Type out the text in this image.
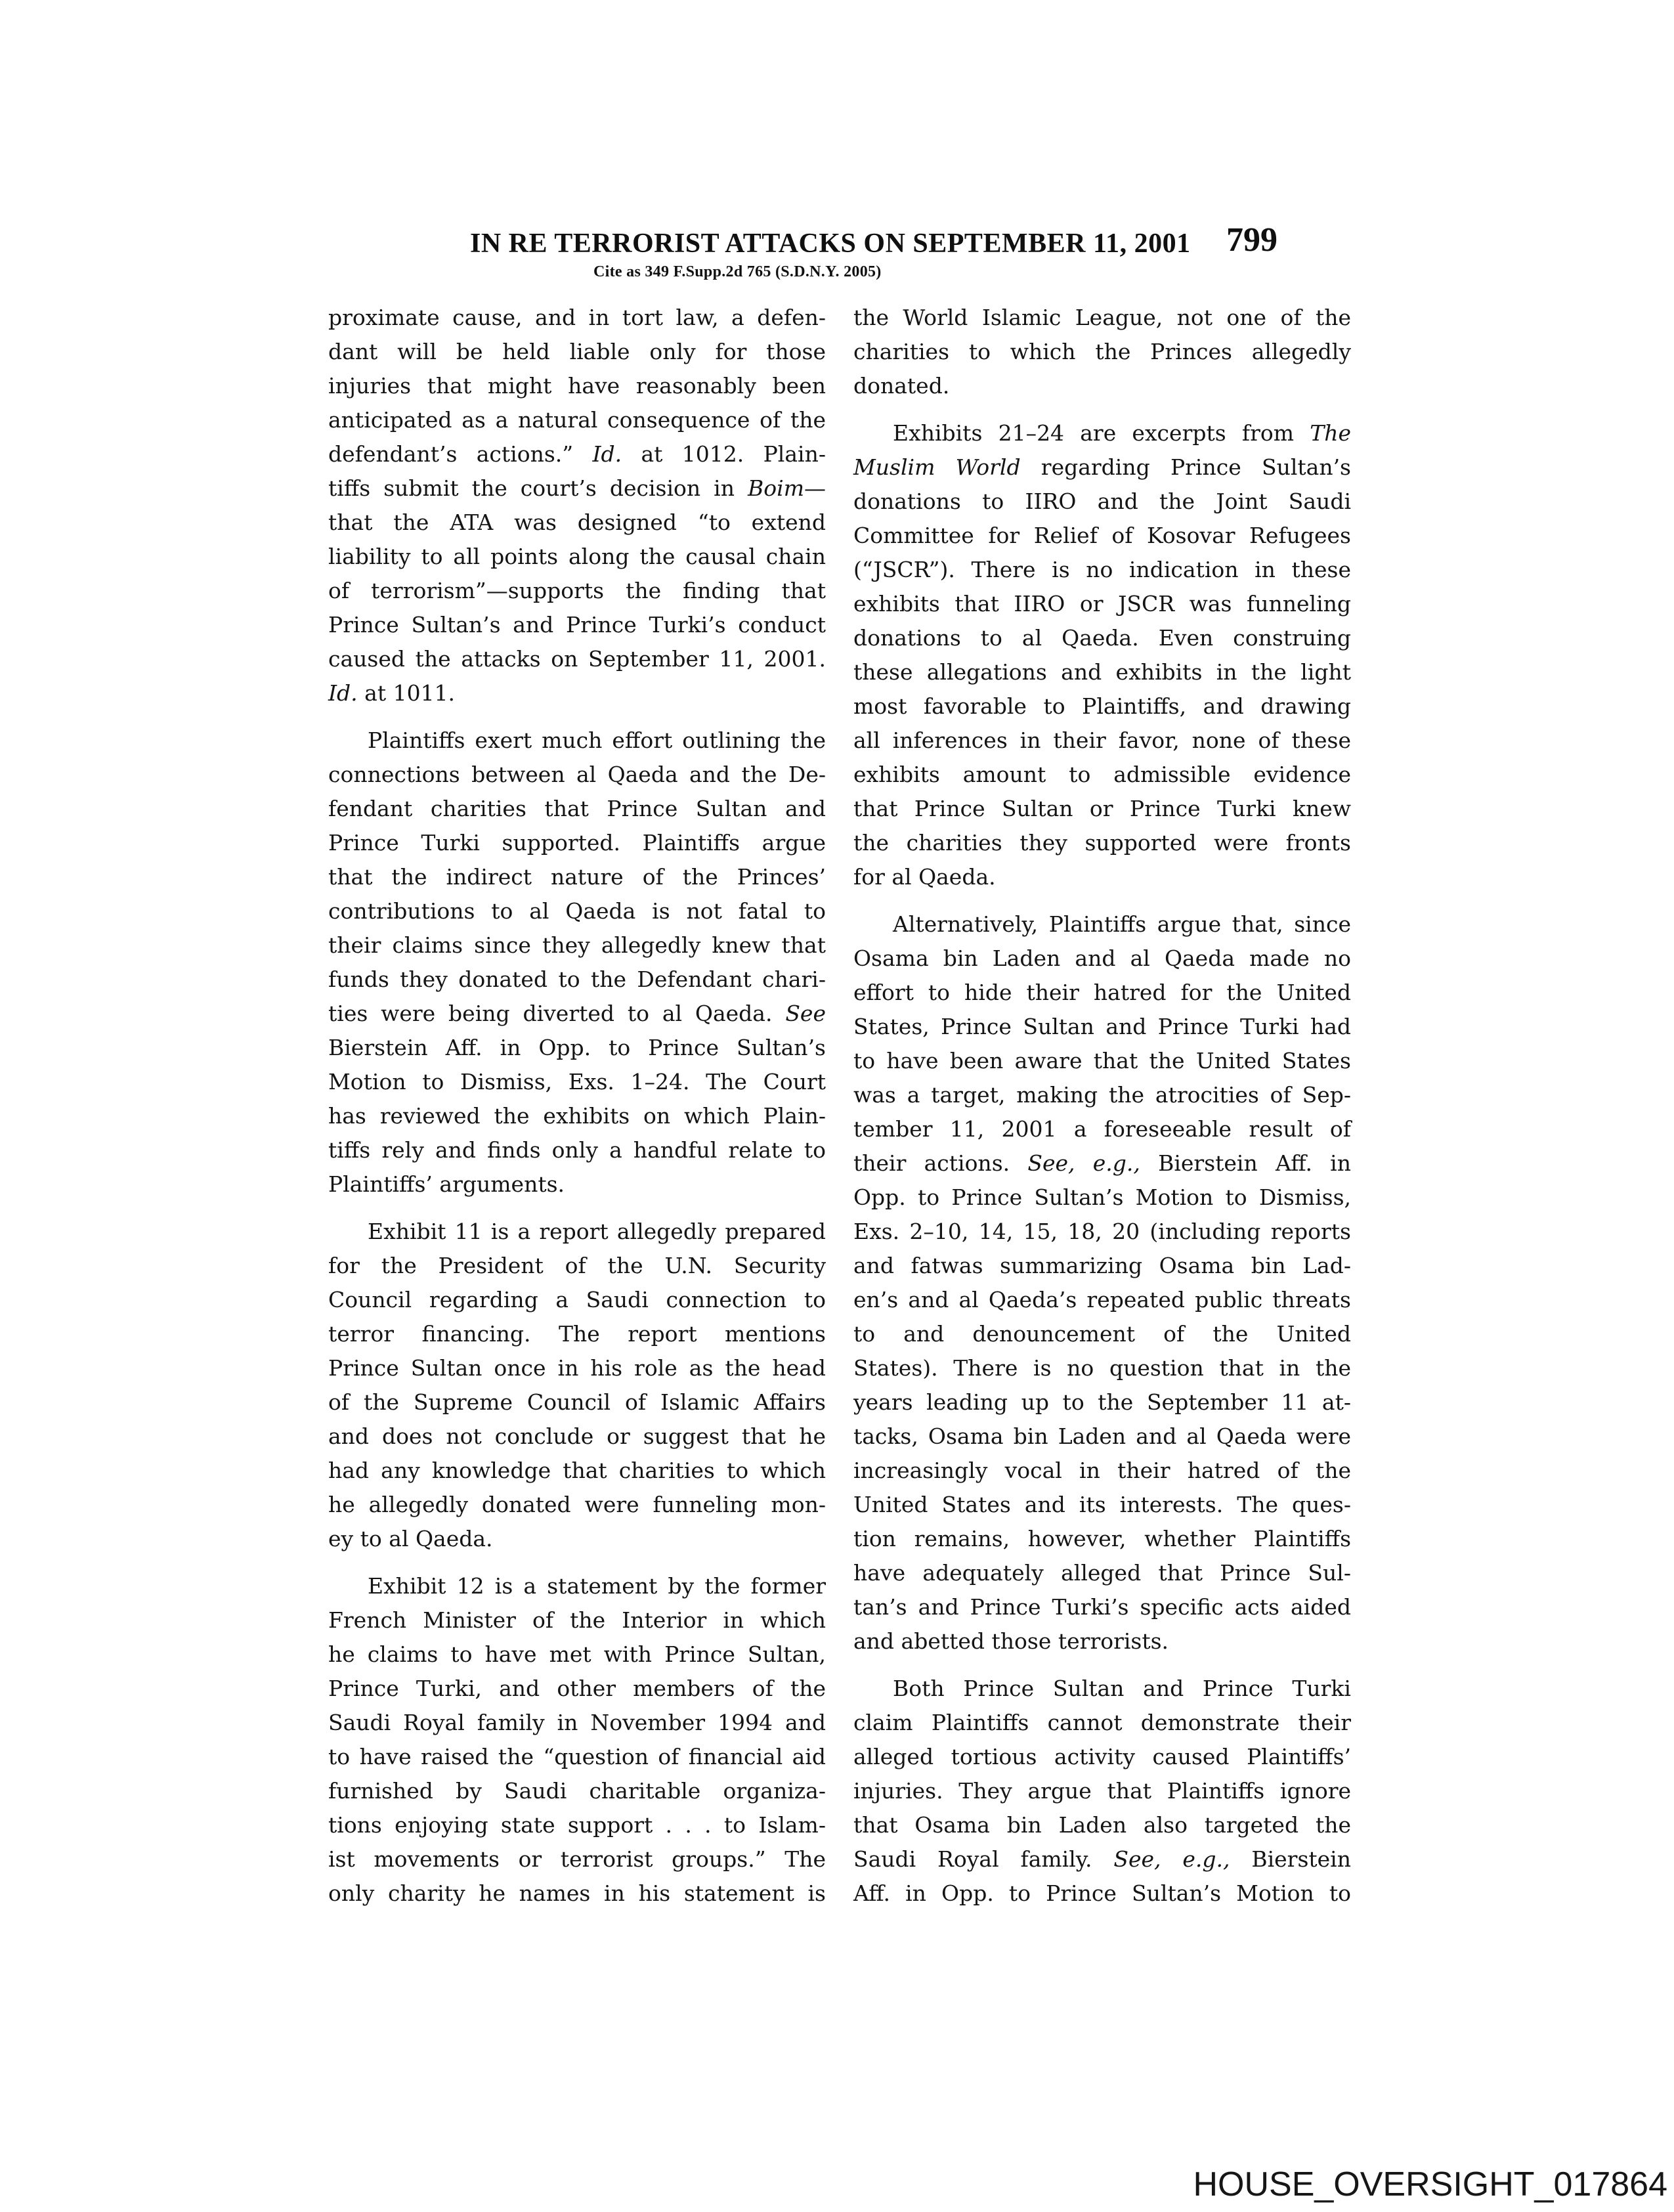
IN RE TERRORIST ATTACKS ON SEPTEMBER 11, 2001 799
Cite as 349 F.Supp.2d 765 (S.D.N.Y. 2005)
proximate cause, and in tort law, a defen-
dant will be held liable only for those
injuries that might have reasonably been
anticipated as a natural consequence of the
defendant’s actions.” Id. at 1012. Plain-
tiffs submit the court’s decision in Boim—
that the ATA was designed “to extend
liability to all points along the causal chain
of terrorism”—supports the finding that
Prince Sultan’s and Prince Turki’s conduct
caused the attacks on September 11, 2001.
Id. at 1011.
Plaintiffs exert much effort outlining the
connections between al Qaeda and the De-
fendant charities that Prince Sultan and
Prince Turki supported. Plaintiffs argue
that the indirect nature of the Princes’
contributions to al Qaeda is not fatal to
their claims since they allegedly knew that
funds they donated to the Defendant chari-
ties were being diverted to al Qaeda. See
Bierstein Aff. in Opp. to Prince Sultan’s
Motion to Dismiss, Exs. 1–24. The Court
has reviewed the exhibits on which Plain-
tiffs rely and finds only a handful relate to
Plaintiffs’ arguments.
Exhibit 11 is a report allegedly prepared
for the President of the U.N. Security
Council regarding a Saudi connection to
terror financing. The report mentions
Prince Sultan once in his role as the head
of the Supreme Council of Islamic Affairs
and does not conclude or suggest that he
had any knowledge that charities to which
he allegedly donated were funneling mon-
ey to al Qaeda.
Exhibit 12 is a statement by the former
French Minister of the Interior in which
he claims to have met with Prince Sultan,
Prince Turki, and other members of the
Saudi Royal family in November 1994 and
to have raised the “question of financial aid
furnished by Saudi charitable organiza-
tions enjoying state support . . . to Islam-
ist movements or terrorist groups.” The
only charity he names in his statement is
the World Islamic League, not one of the
charities to which the Princes allegedly
donated.
Exhibits 21–24 are excerpts from The
Muslim World regarding Prince Sultan’s
donations to IIRO and the Joint Saudi
Committee for Relief of Kosovar Refugees
(“JSCR”). There is no indication in these
exhibits that IIRO or JSCR was funneling
donations to al Qaeda. Even construing
these allegations and exhibits in the light
most favorable to Plaintiffs, and drawing
all inferences in their favor, none of these
exhibits amount to admissible evidence
that Prince Sultan or Prince Turki knew
the charities they supported were fronts
for al Qaeda.
Alternatively, Plaintiffs argue that, since
Osama bin Laden and al Qaeda made no
effort to hide their hatred for the United
States, Prince Sultan and Prince Turki had
to have been aware that the United States
was a target, making the atrocities of Sep-
tember 11, 2001 a foreseeable result of
their actions. See, e.g., Bierstein Aff. in
Opp. to Prince Sultan’s Motion to Dismiss,
Exs. 2–10, 14, 15, 18, 20 (including reports
and fatwas summarizing Osama bin Lad-
en’s and al Qaeda’s repeated public threats
to and denouncement of the United
States). There is no question that in the
years leading up to the September 11 at-
tacks, Osama bin Laden and al Qaeda were
increasingly vocal in their hatred of the
United States and its interests. The ques-
tion remains, however, whether Plaintiffs
have adequately alleged that Prince Sul-
tan’s and Prince Turki’s specific acts aided
and abetted those terrorists.
Both Prince Sultan and Prince Turki
claim Plaintiffs cannot demonstrate their
alleged tortious activity caused Plaintiffs’
injuries. They argue that Plaintiffs ignore
that Osama bin Laden also targeted the
Saudi Royal family. See, e.g., Bierstein
Aff. in Opp. to Prince Sultan’s Motion to
HOUSE_OVERSIGHT_017864
